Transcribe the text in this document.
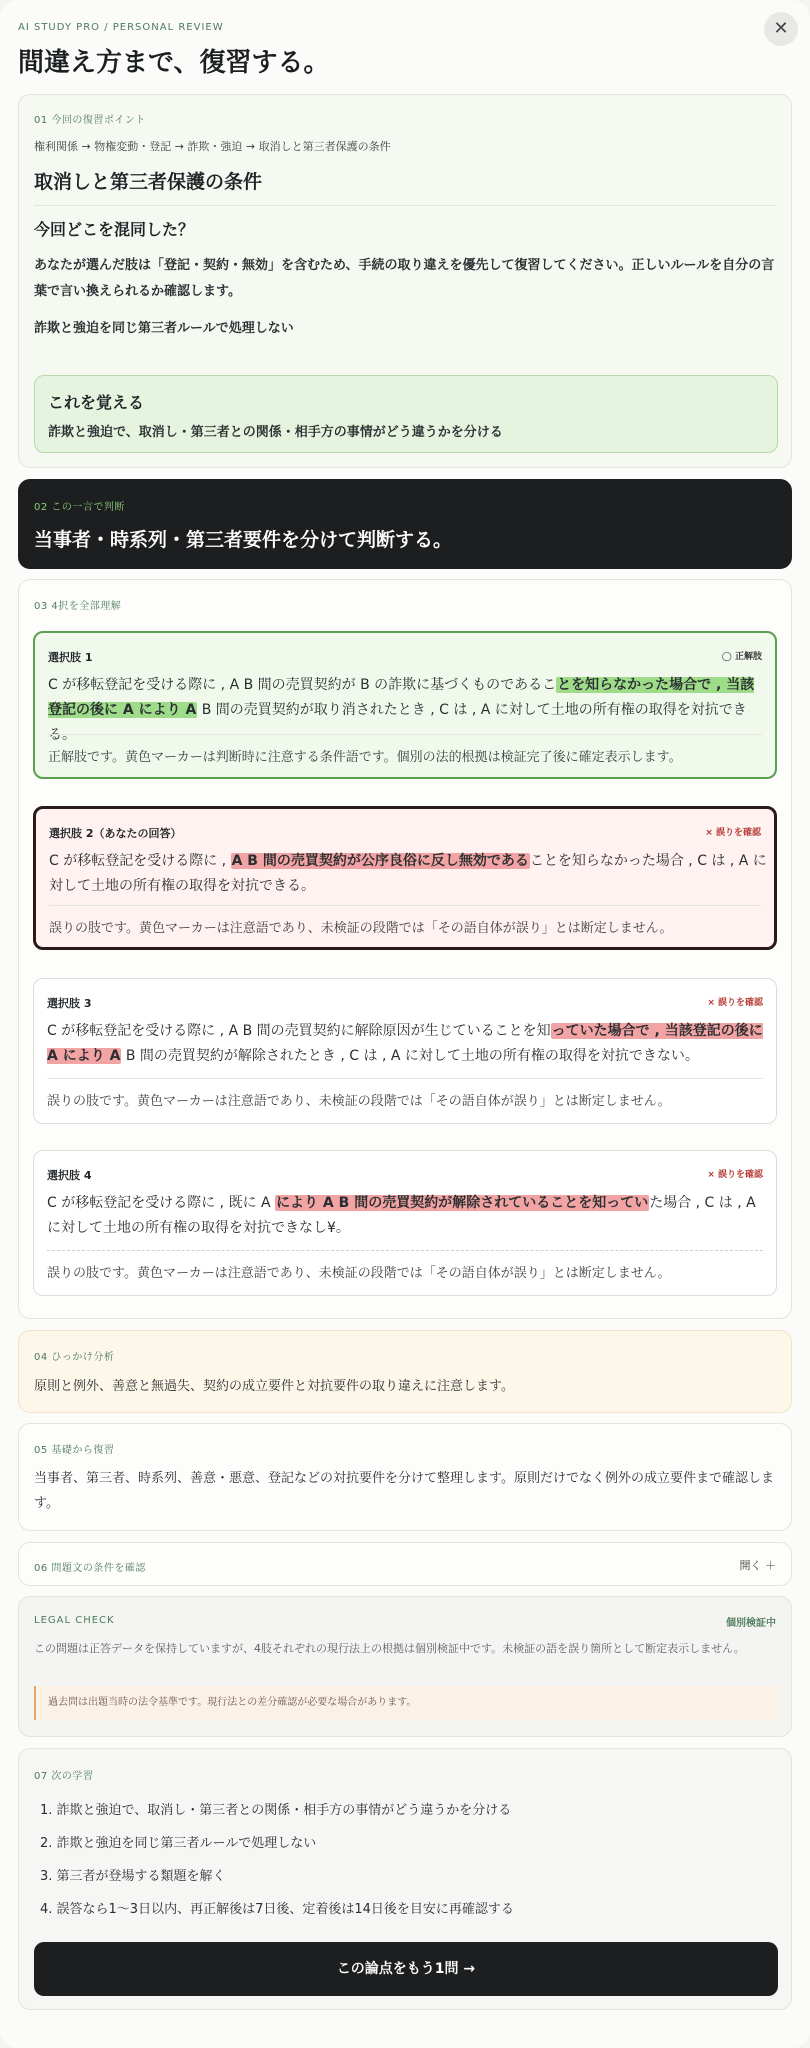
AI STUDY PRO / PERSONAL REVIEW
間違え方まで、復習する。
✕
01 今回の復習ポイント
権利関係 → 物権変動・登記 → 詐欺・強迫 → 取消しと第三者保護の条件
取消しと第三者保護の条件
今回どこを混同した？
あなたが選んだ肢は「登記・契約・無効」を含むため、手続の取り違えを優先して復習してください。正しいルールを自分の言葉で言い換えられるか確認します。
詐欺と強迫を同じ第三者ルールで処理しない
これを覚える
詐欺と強迫で、取消し・第三者との関係・相手方の事情がどう違うかを分ける
02 この一言で判断
当事者・時系列・第三者要件を分けて判断する。
03 4択を全部理解
選択肢 1	◯ 正解肢
C が移転登記を受ける際に , A B 間の売買契約が B の詐欺に基づくものであることを知らなかった場合で , 当該登記の後に A により A B 間の売買契約が取り消されたとき , C は , A に対して土地の所有権の取得を対抗できる。
正解肢です。黄色マーカーは判断時に注意する条件語です。個別の法的根拠は検証完了後に確定表示します。
選択肢 2（あなたの回答）	× 誤りを確認
C が移転登記を受ける際に , A B 間の売買契約が公序良俗に反し無効であることを知らなかった場合 , C は , A に対して土地の所有権の取得を対抗できる。
誤りの肢です。黄色マーカーは注意語であり、未検証の段階では「その語自体が誤り」とは断定しません。
選択肢 3	× 誤りを確認
C が移転登記を受ける際に , A B 間の売買契約に解除原因が生じていることを知っていた場合で , 当該登記の後に A により A B 間の売買契約が解除されたとき , C は , A に対して土地の所有権の取得を対抗できない。
誤りの肢です。黄色マーカーは注意語であり、未検証の段階では「その語自体が誤り」とは断定しません。
選択肢 4	× 誤りを確認
C が移転登記を受ける際に , 既に A により A B 間の売買契約が解除されていることを知っていた場合 , C は , A に対して土地の所有権の取得を対抗できなし¥。
誤りの肢です。黄色マーカーは注意語であり、未検証の段階では「その語自体が誤り」とは断定しません。
04 ひっかけ分析
原則と例外、善意と無過失、契約の成立要件と対抗要件の取り違えに注意します。
05 基礎から復習
当事者、第三者、時系列、善意・悪意、登記などの対抗要件を分けて整理します。原則だけでなく例外の成立要件まで確認します。
06 問題文の条件を確認	開く ＋
LEGAL CHECK	個別検証中
この問題は正答データを保持していますが、4肢それぞれの現行法上の根拠は個別検証中です。未検証の語を誤り箇所として断定表示しません。
過去問は出題当時の法令基準です。現行法との差分確認が必要な場合があります。
07 次の学習
1. 詐欺と強迫で、取消し・第三者との関係・相手方の事情がどう違うかを分ける
2. 詐欺と強迫を同じ第三者ルールで処理しない
3. 第三者が登場する類題を解く
4. 誤答なら1〜3日以内、再正解後は7日後、定着後は14日後を目安に再確認する
この論点をもう1問 →
